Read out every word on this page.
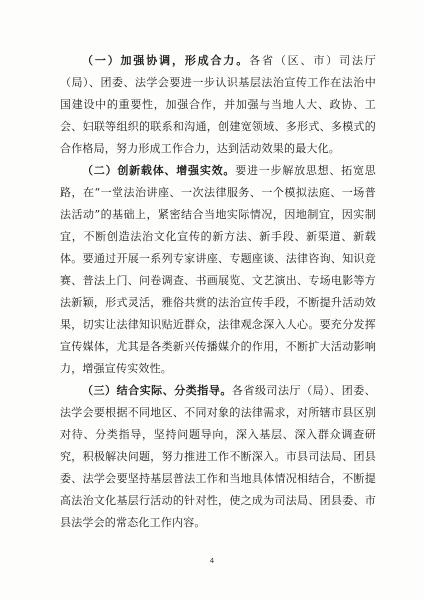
（一）加强协调，形成合力。各省（区、市）司法厅（局）、团委、法学会要进一步认识基层法治宣传工作在法治中国建设中的重要性，加强合作，并加强与当地人大、政协、工会、妇联等组织的联系和沟通，创建宽领域、多形式、多模式的合作格局，努力形成工作合力，达到活动效果的最大化。

（二）创新载体、增强实效。要进一步解放思想、拓宽思路，在“一堂法治讲座、一次法律服务、一个模拟法庭、一场普法活动”的基础上，紧密结合当地实际情况，因地制宜，因实制宜，不断创造法治文化宣传的新方法、新手段、新渠道、新载体。要通过开展一系列专家讲座、专题座谈、法律咨询、知识竞赛、普法上门、问卷调查、书画展览、文艺演出、专场电影等方法新颖，形式灵活，雅俗共赏的法治宣传手段，不断提升活动效果，切实让法律知识贴近群众，法律观念深入人心。要充分发挥宣传媒体，尤其是各类新兴传播媒介的作用，不断扩大活动影响力，增强宣传实效性。

（三）结合实际、分类指导。各省级司法厅（局）、团委、法学会要根据不同地区、不同对象的法律需求，对所辖市县区别对待、分类指导，坚持问题导向，深入基层、深入群众调查研究，积极解决问题，努力推进工作不断深入。市县司法局、团县委、法学会要坚持基层普法工作和当地具体情况相结合，不断提高法治文化基层行活动的针对性，使之成为司法局、团县委、市县法学会的常态化工作内容。

4
